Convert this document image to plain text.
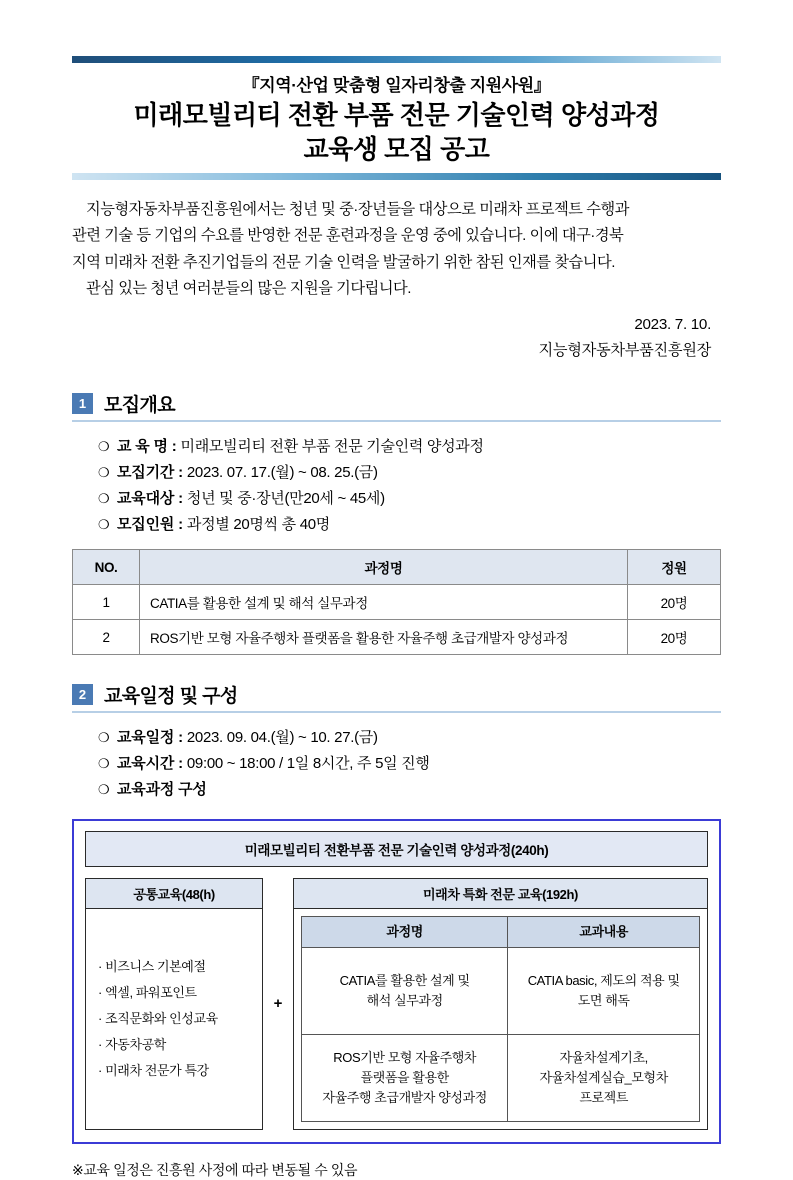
『지역·산업 맞춤형 일자리창출 지원사원』
미래모빌리티 전환 부품 전문 기술인력 양성과정
교육생 모집 공고
지능형자동차부품진흥원에서는 청년 및 중·장년들을 대상으로 미래차 프로젝트 수행과
관련 기술 등 기업의 수요를 반영한 전문 훈련과정을 운영 중에 있습니다. 이에 대구·경북
지역 미래차 전환 추진기업들의 전문 기술 인력을 발굴하기 위한 참된 인재를 찾습니다.
관심 있는 청년 여러분들의 많은 지원을 기다립니다.
2023. 7. 10.
지능형자동차부품진흥원장
1 모집개요
❍ 교 육 명 : 미래모빌리티 전환 부품 전문 기술인력 양성과정
❍ 모집기간 : 2023. 07. 17.(월) ~ 08. 25.(금)
❍ 교육대상 : 청년 및 중·장년(만20세 ~ 45세)
❍ 모집인원 : 과정별 20명씩 총 40명
NO.	과정명	정원
1	CATIA를 활용한 설계 및 해석 실무과정	20명
2	ROS기반 모형 자율주행차 플랫폼을 활용한 자율주행 초급개발자 양성과정	20명
2 교육일정 및 구성
❍ 교육일정 : 2023. 09. 04.(월) ~ 10. 27.(금)
❍ 교육시간 : 09:00 ~ 18:00 / 1일 8시간, 주 5일 진행
❍ 교육과정 구성
미래모빌리티 전환부품 전문 기술인력 양성과정(240h)
공통교육(48(h)
· 비즈니스 기본예절
· 엑셀, 파워포인트
· 조직문화와 인성교육
· 자동차공학
· 미래차 전문가 특강
+
미래차 특화 전문 교육(192h)
과정명	교과내용

CATIA를 활용한 설계 및
해석 실무과정	CATIA basic, 제도의 적용 및
도면 해독

ROS기반 모형 자율주행차
플랫폼을 활용한
자율주행 초급개발자 양성과정	자율차설계기초,
자율차설계실습_모형차
프로젝트
※교육 일정은 진흥원 사정에 따라 변동될 수 있음
